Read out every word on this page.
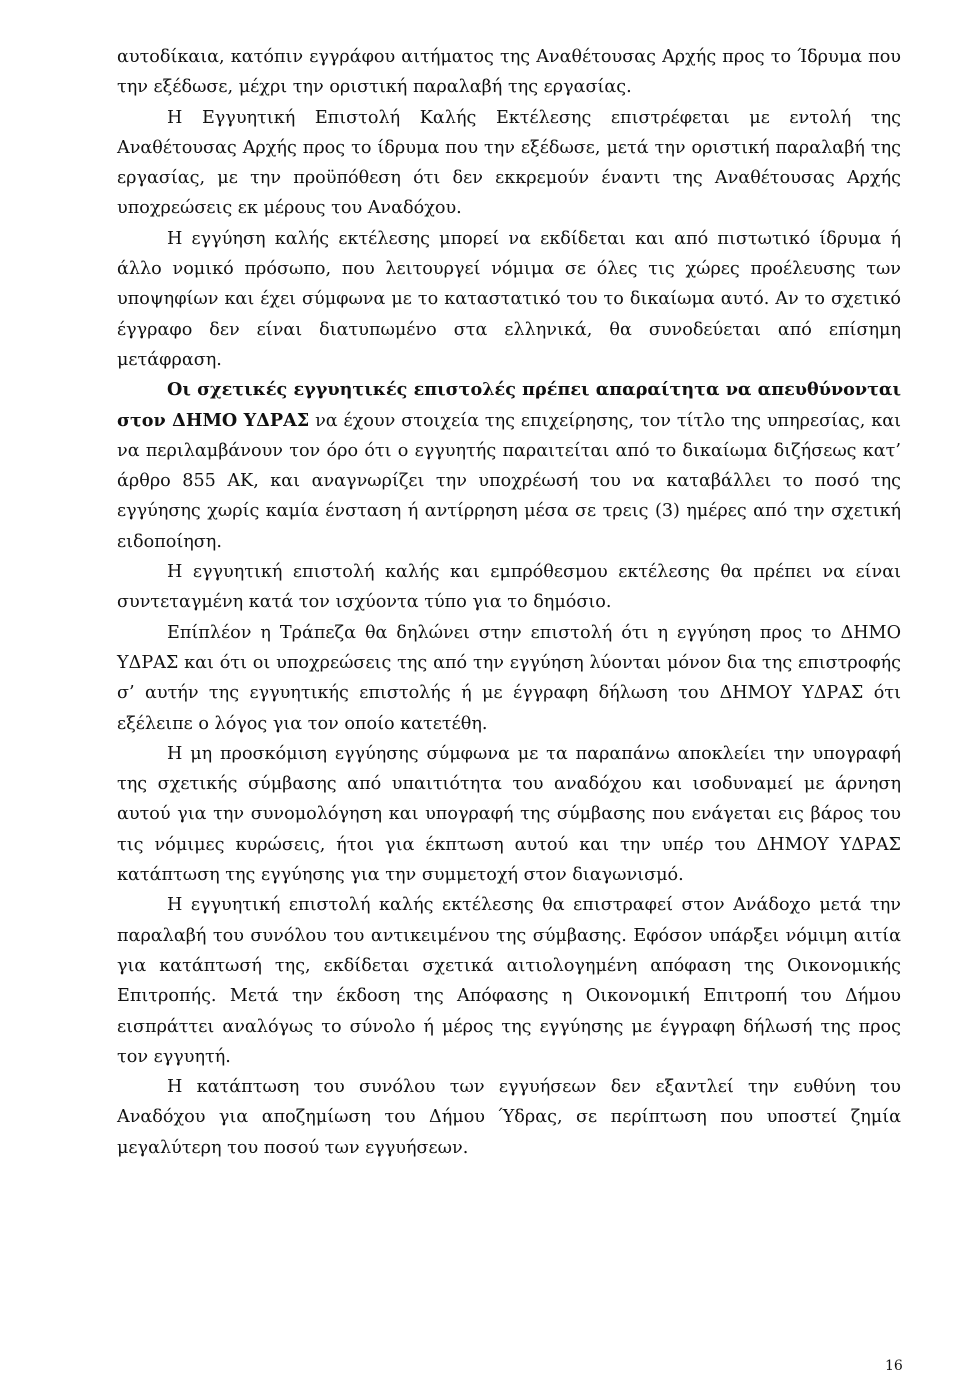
αυτοδίκαια, κατόπιν εγγράφου αιτήματος της Αναθέτουσας Αρχής προς το Ίδρυμα που την εξέδωσε, μέχρι την οριστική παραλαβή της εργασίας.

Η Εγγυητική Επιστολή Καλής Εκτέλεσης επιστρέφεται με εντολή της Αναθέτουσας Αρχής προς το ίδρυμα που την εξέδωσε, μετά την οριστική παραλαβή της εργασίας, με την προϋπόθεση ότι δεν εκκρεμούν έναντι της Αναθέτουσας Αρχής υποχρεώσεις εκ μέρους του Αναδόχου.

Η εγγύηση καλής εκτέλεσης μπορεί να εκδίδεται και από πιστωτικό ίδρυμα ή άλλο νομικό πρόσωπο, που λειτουργεί νόμιμα σε όλες τις χώρες προέλευσης των υποψηφίων και έχει σύμφωνα με το καταστατικό του το δικαίωμα αυτό. Αν το σχετικό έγγραφο δεν είναι διατυπωμένο στα ελληνικά, θα συνοδεύεται από επίσημη μετάφραση.

Οι σχετικές εγγυητικές επιστολές πρέπει απαραίτητα να απευθύνονται στον ΔΗΜΟ ΥΔΡΑΣ να έχουν στοιχεία της επιχείρησης, τον τίτλο της υπηρεσίας, και να περιλαμβάνουν τον όρο ότι ο εγγυητής παραιτείται από το δικαίωμα διζήσεως κατ’ άρθρο 855 ΑΚ, και αναγνωρίζει την υποχρέωσή του να καταβάλλει το ποσό της εγγύησης χωρίς καμία ένσταση ή αντίρρηση μέσα σε τρεις (3) ημέρες από την σχετική ειδοποίηση.

Η εγγυητική επιστολή καλής και εμπρόθεσμου εκτέλεσης θα πρέπει να είναι συντεταγμένη κατά τον ισχύοντα τύπο για το δημόσιο.

Επίπλέον η Τράπεζα θα δηλώνει στην επιστολή ότι η εγγύηση προς το ΔΗΜΟ ΥΔΡΑΣ και ότι οι υποχρεώσεις της από την εγγύηση λύονται μόνον δια της επιστροφής σ’ αυτήν της εγγυητικής επιστολής ή με έγγραφη δήλωση του ΔΗΜΟΥ ΥΔΡΑΣ ότι εξέλειπε ο λόγος για τον οποίο κατετέθη.

Η μη προσκόμιση εγγύησης σύμφωνα με τα παραπάνω αποκλείει την υπογραφή της σχετικής σύμβασης από υπαιτιότητα του αναδόχου και ισοδυναμεί με άρνηση αυτού για την συνομολόγηση και υπογραφή της σύμβασης που ενάγεται εις βάρος του τις νόμιμες κυρώσεις, ήτοι για έκπτωση αυτού και την υπέρ του ΔΗΜΟΥ ΥΔΡΑΣ κατάπτωση της εγγύησης για την συμμετοχή στον διαγωνισμό.

Η εγγυητική επιστολή καλής εκτέλεσης θα επιστραφεί στον Ανάδοχο μετά την παραλαβή του συνόλου του αντικειμένου της σύμβασης. Εφόσον υπάρξει νόμιμη αιτία για κατάπτωσή της, εκδίδεται σχετικά αιτιολογημένη απόφαση της Οικονομικής Επιτροπής. Μετά την έκδοση της Απόφασης η Οικονομική Επιτροπή του Δήμου εισπράττει αναλόγως το σύνολο ή μέρος της εγγύησης με έγγραφη δήλωσή της προς τον εγγυητή.

Η κατάπτωση του συνόλου των εγγυήσεων δεν εξαντλεί την ευθύνη του Αναδόχου για αποζημίωση του Δήμου Ύδρας, σε περίπτωση που υποστεί ζημία μεγαλύτερη του ποσού των εγγυήσεων.

16
